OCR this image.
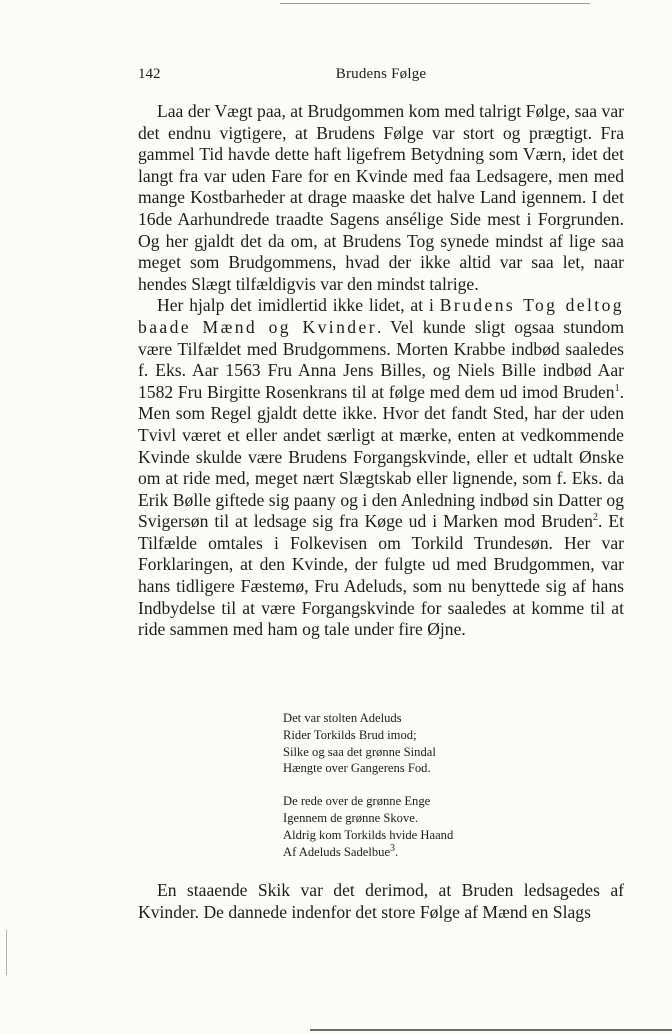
142	Brudens Følge

Laa der Vægt paa, at Brudgommen kom med talrigt Følge, saa var det endnu vigtigere, at Brudens Følge var stort og prægtigt. Fra gammel Tid havde dette haft ligefrem Betydning som Værn, idet det langt fra var uden Fare for en Kvinde med faa Ledsagere, men med mange Kostbarheder at drage maaske det halve Land igennem. I det 16de Aarhundrede traadte Sagens ansélige Side mest i Forgrunden. Og her gjaldt det da om, at Brudens Tog synede mindst af lige saa meget som Brudgommens, hvad der ikke altid var saa let, naar hendes Slægt tilfældigvis var den mindst talrige.

Her hjalp det imidlertid ikke lidet, at i Brudens Tog deltog baade Mænd og Kvinder. Vel kunde sligt ogsaa stundom være Tilfældet med Brudgommens. Morten Krabbe indbød saaledes f. Eks. Aar 1563 Fru Anna Jens Billes, og Niels Bille indbød Aar 1582 Fru Birgitte Rosenkrans til at følge med dem ud imod Bruden$^1$. Men som Regel gjaldt dette ikke. Hvor det fandt Sted, har der uden Tvivl været et eller andet særligt at mærke, enten at vedkommende Kvinde skulde være Brudens Forgangskvinde, eller et udtalt Ønske om at ride med, meget nært Slægtskab eller lignende, som f. Eks. da Erik Bølle giftede sig paany og i den Anledning indbød sin Datter og Svigersøn til at ledsage sig fra Køge ud i Marken mod Bruden$^2$. Et Tilfælde omtales i Folkevisen om Torkild Trundesøn. Her var Forklaringen, at den Kvinde, der fulgte ud med Brudgommen, var hans tidligere Fæstemø, Fru Adeluds, som nu benyttede sig af hans Indbydelse til at være Forgangskvinde for saaledes at komme til at ride sammen med ham og tale under fire Øjne.

Det var stolten Adeluds
Rider Torkilds Brud imod;
Silke og saa det grønne Sindal
Hængte over Gangerens Fod.
De rede over de grønne Enge
Igennem de grønne Skove.
Aldrig kom Torkilds hvide Haand
Af Adeluds Sadelbue$^3$.

En staaende Skik var det derimod, at Bruden ledsagedes af Kvinder. De dannede indenfor det store Følge af Mænd en Slags
